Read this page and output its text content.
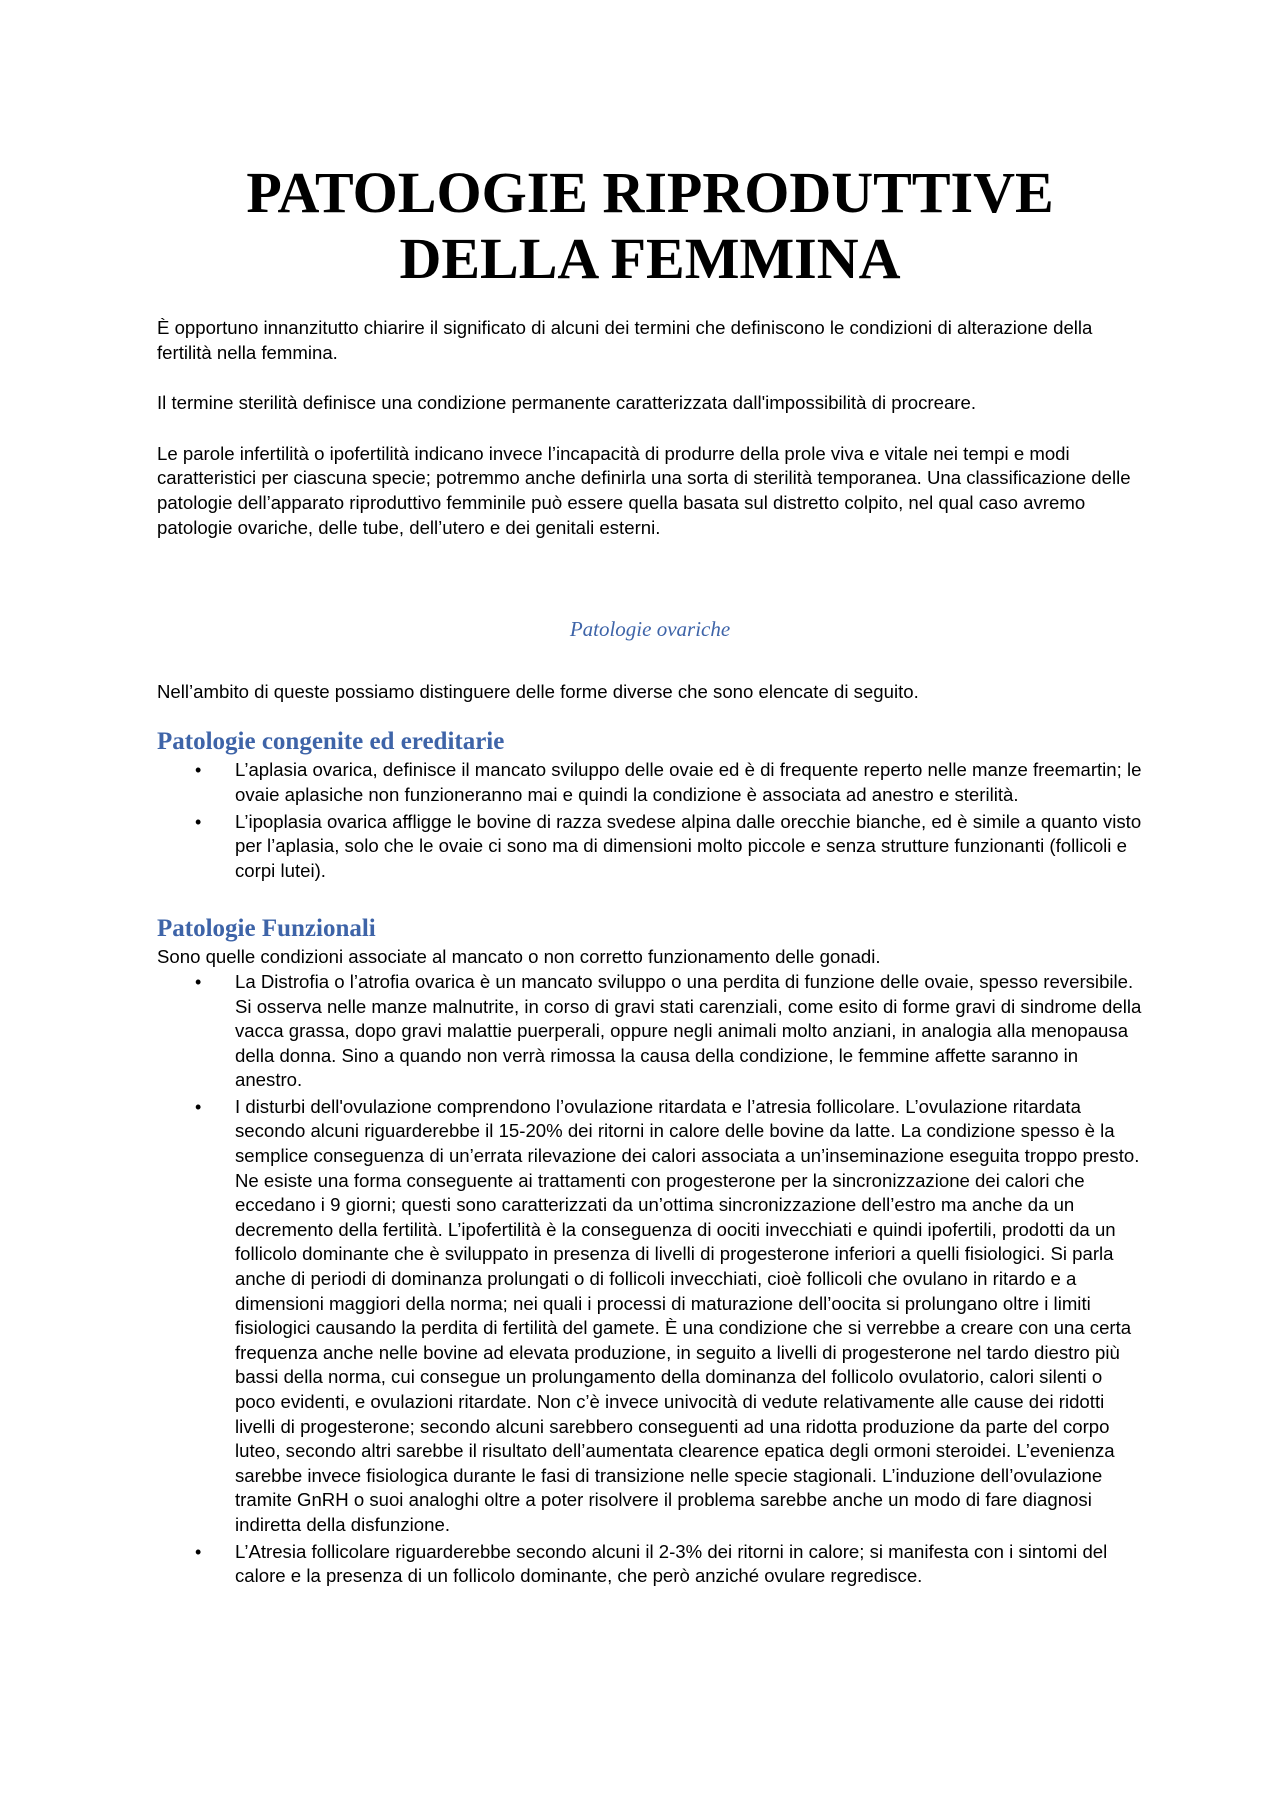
PATOLOGIE RIPRODUTTIVE
DELLA FEMMINA

È opportuno innanzitutto chiarire il significato di alcuni dei termini che definiscono le condizioni di alterazione della fertilità nella femmina.

Il termine sterilità definisce una condizione permanente caratterizzata dall'impossibilità di procreare.

Le parole infertilità o ipofertilità indicano invece l’incapacità di produrre della prole viva e vitale nei tempi e modi caratteristici per ciascuna specie; potremmo anche definirla una sorta di sterilità temporanea. Una classificazione delle patologie dell’apparato riproduttivo femminile può essere quella basata sul distretto colpito, nel qual caso avremo patologie ovariche, delle tube, dell’utero e dei genitali esterni.

Patologie ovariche

Nell’ambito di queste possiamo distinguere delle forme diverse che sono elencate di seguito.

Patologie congenite ed ereditarie
• L’aplasia ovarica, definisce il mancato sviluppo delle ovaie ed è di frequente reperto nelle manze freemartin; le ovaie aplasiche non funzioneranno mai e quindi la condizione è associata ad anestro e sterilità.
• L’ipoplasia ovarica affligge le bovine di razza svedese alpina dalle orecchie bianche, ed è simile a quanto visto per l’aplasia, solo che le ovaie ci sono ma di dimensioni molto piccole e senza strutture funzionanti (follicoli e corpi lutei).
Patologie Funzionali

Sono quelle condizioni associate al mancato o non corretto funzionamento delle gonadi.

• La Distrofia o l’atrofia ovarica è un mancato sviluppo o una perdita di funzione delle ovaie, spesso reversibile. Si osserva nelle manze malnutrite, in corso di gravi stati carenziali, come esito di forme gravi di sindrome della vacca grassa, dopo gravi malattie puerperali, oppure negli animali molto anziani, in analogia alla menopausa della donna. Sino a quando non verrà rimossa la causa della condizione, le femmine affette saranno in anestro.
• I disturbi dell'ovulazione comprendono l’ovulazione ritardata e l’atresia follicolare. L’ovulazione ritardata secondo alcuni riguarderebbe il 15-20% dei ritorni in calore delle bovine da latte. La condizione spesso è la semplice conseguenza di un’errata rilevazione dei calori associata a un’inseminazione eseguita troppo presto. Ne esiste una forma conseguente ai trattamenti con progesterone per la sincronizzazione dei calori che eccedano i 9 giorni; questi sono caratterizzati da un’ottima sincronizzazione dell’estro ma anche da un decremento della fertilità. L’ipofertilità è la conseguenza di oociti invecchiati e quindi ipofertili, prodotti da un follicolo dominante che è sviluppato in presenza di livelli di progesterone inferiori a quelli fisiologici. Si parla anche di periodi di dominanza prolungati o di follicoli invecchiati, cioè follicoli che ovulano in ritardo e a dimensioni maggiori della norma; nei quali i processi di maturazione dell’oocita si prolungano oltre i limiti fisiologici causando la perdita di fertilità del gamete. È una condizione che si verrebbe a creare con una certa frequenza anche nelle bovine ad elevata produzione, in seguito a livelli di progesterone nel tardo diestro più bassi della norma, cui consegue un prolungamento della dominanza del follicolo ovulatorio, calori silenti o poco evidenti, e ovulazioni ritardate. Non c’è invece univocità di vedute relativamente alle cause dei ridotti livelli di progesterone; secondo alcuni sarebbero conseguenti ad una ridotta produzione da parte del corpo luteo, secondo altri sarebbe il risultato dell’aumentata clearence epatica degli ormoni steroidei. L’evenienza sarebbe invece fisiologica durante le fasi di transizione nelle specie stagionali. L’induzione dell’ovulazione tramite GnRH o suoi analoghi oltre a poter risolvere il problema sarebbe anche un modo di fare diagnosi indiretta della disfunzione.
• L’Atresia follicolare riguarderebbe secondo alcuni il 2-3% dei ritorni in calore; si manifesta con i sintomi del calore e la presenza di un follicolo dominante, che però anziché ovulare regredisce.
